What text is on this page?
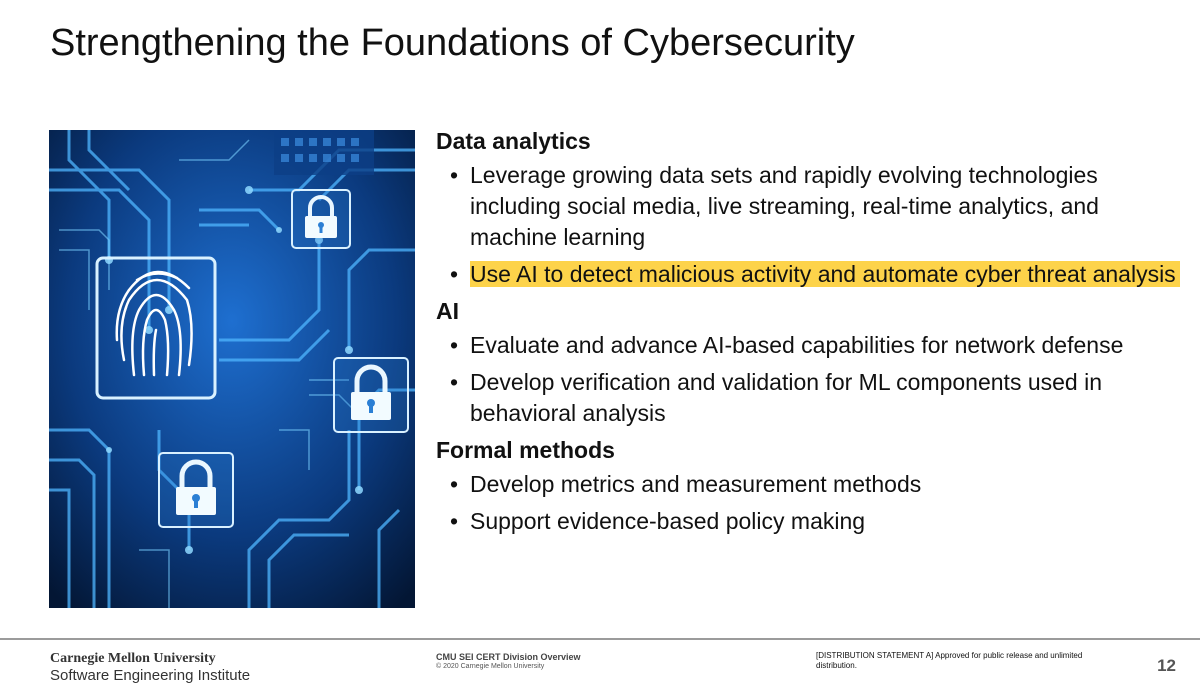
Strengthening the Foundations of Cybersecurity
Data analytics
• Leverage growing data sets and rapidly evolving technologies including social media, live streaming, real-time analytics, and machine learning
• Use AI to detect malicious activity and automate cyber threat analysis
AI
• Evaluate and advance AI-based capabilities for network defense
• Develop verification and validation for ML components used in behavioral analysis
Formal methods
• Develop metrics and measurement methods
• Support evidence-based policy making
Carnegie Mellon University
Software Engineering Institute
CMU SEI CERT Division Overview
© 2020 Carnegie Mellon University
[DISTRIBUTION STATEMENT A] Approved for public release and unlimited distribution.	12
